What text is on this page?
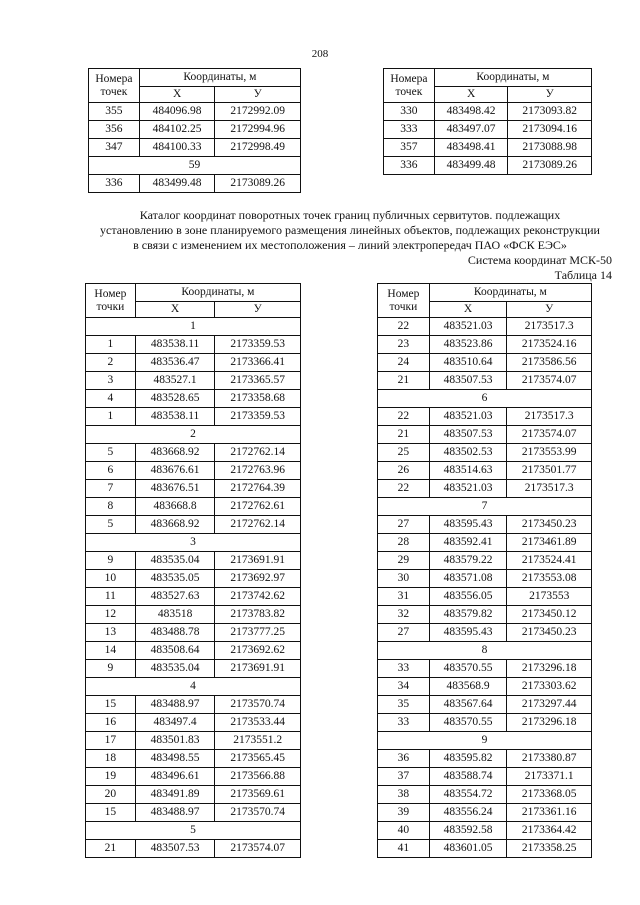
208
Номера точек	Координаты, м	
	Х	У
355	484096.98	2172992.09
356	484102.25	2172994.96
347	484100.33	2172998.49
59		
336	483499.48	2173089.26
Номера точек	Координаты, м	
	Х	У
330	483498.42	2173093.82
333	483497.07	2173094.16
357	483498.41	2173088.98
336	483499.48	2173089.26
Каталог координат поворотных точек границ публичных сервитутов. подлежащих
установлению в зоне планируемого размещения линейных объектов, подлежащих реконструкции
в связи с изменением их местоположения – линий электропередач ПАО «ФСК ЕЭС»
Система координат МСК-50
Таблица 14
Номер точки	Координаты, м	
	Х	У
1		
1	483538.11	2173359.53
2	483536.47	2173366.41
3	483527.1	2173365.57
4	483528.65	2173358.68
1	483538.11	2173359.53
2		
5	483668.92	2172762.14
6	483676.61	2172763.96
7	483676.51	2172764.39
8	483668.8	2172762.61
5	483668.92	2172762.14
3		
9	483535.04	2173691.91
10	483535.05	2173692.97
11	483527.63	2173742.62
12	483518	2173783.82
13	483488.78	2173777.25
14	483508.64	2173692.62
9	483535.04	2173691.91
4		
15	483488.97	2173570.74
16	483497.4	2173533.44
17	483501.83	2173551.2
18	483498.55	2173565.45
19	483496.61	2173566.88
20	483491.89	2173569.61
15	483488.97	2173570.74
5		
21	483507.53	2173574.07
Номер точки	Координаты, м	
	Х	У
22	483521.03	2173517.3
23	483523.86	2173524.16
24	483510.64	2173586.56
21	483507.53	2173574.07
6		
22	483521.03	2173517.3
21	483507.53	2173574.07
25	483502.53	2173553.99
26	483514.63	2173501.77
22	483521.03	2173517.3
7		
27	483595.43	2173450.23
28	483592.41	2173461.89
29	483579.22	2173524.41
30	483571.08	2173553.08
31	483556.05	2173553
32	483579.82	2173450.12
27	483595.43	2173450.23
8		
33	483570.55	2173296.18
34	483568.9	2173303.62
35	483567.64	2173297.44
33	483570.55	2173296.18
9		
36	483595.82	2173380.87
37	483588.74	2173371.1
38	483554.72	2173368.05
39	483556.24	2173361.16
40	483592.58	2173364.42
41	483601.05	2173358.25
